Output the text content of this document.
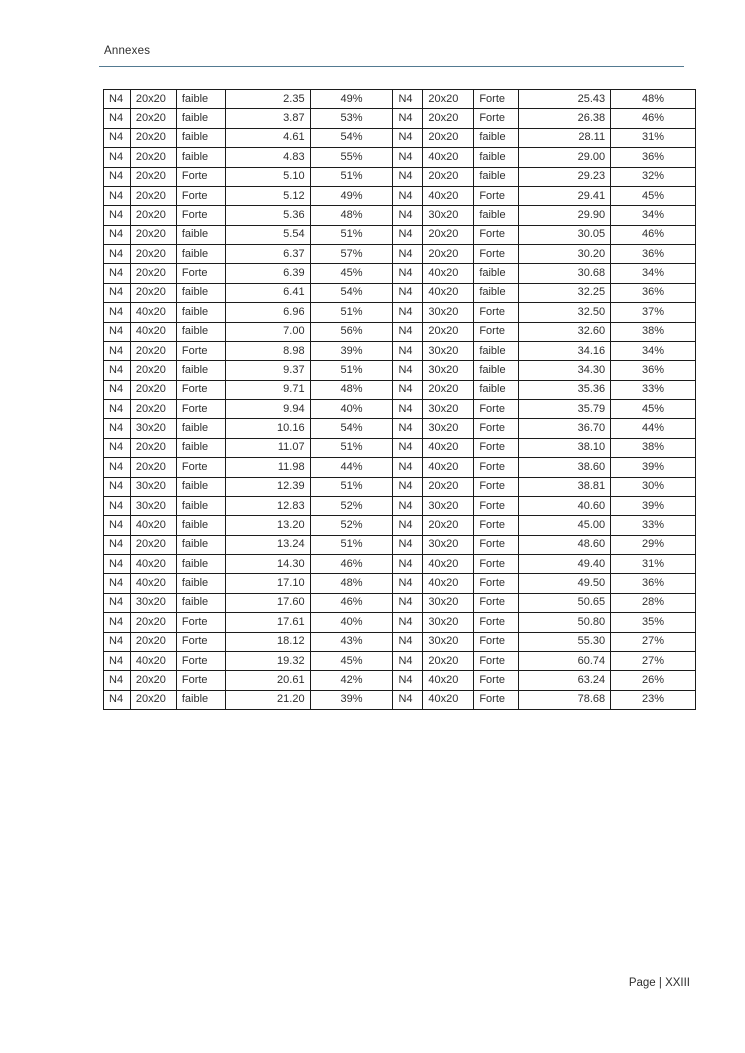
Annexes
N4	20x20	faible	2.35	49%	N4	20x20	Forte	25.43	48%
N4	20x20	faible	3.87	53%	N4	20x20	Forte	26.38	46%
N4	20x20	faible	4.61	54%	N4	20x20	faible	28.11	31%
N4	20x20	faible	4.83	55%	N4	40x20	faible	29.00	36%
N4	20x20	Forte	5.10	51%	N4	20x20	faible	29.23	32%
N4	20x20	Forte	5.12	49%	N4	40x20	Forte	29.41	45%
N4	20x20	Forte	5.36	48%	N4	30x20	faible	29.90	34%
N4	20x20	faible	5.54	51%	N4	20x20	Forte	30.05	46%
N4	20x20	faible	6.37	57%	N4	20x20	Forte	30.20	36%
N4	20x20	Forte	6.39	45%	N4	40x20	faible	30.68	34%
N4	20x20	faible	6.41	54%	N4	40x20	faible	32.25	36%
N4	40x20	faible	6.96	51%	N4	30x20	Forte	32.50	37%
N4	40x20	faible	7.00	56%	N4	20x20	Forte	32.60	38%
N4	20x20	Forte	8.98	39%	N4	30x20	faible	34.16	34%
N4	20x20	faible	9.37	51%	N4	30x20	faible	34.30	36%
N4	20x20	Forte	9.71	48%	N4	20x20	faible	35.36	33%
N4	20x20	Forte	9.94	40%	N4	30x20	Forte	35.79	45%
N4	30x20	faible	10.16	54%	N4	30x20	Forte	36.70	44%
N4	20x20	faible	11.07	51%	N4	40x20	Forte	38.10	38%
N4	20x20	Forte	11.98	44%	N4	40x20	Forte	38.60	39%
N4	30x20	faible	12.39	51%	N4	20x20	Forte	38.81	30%
N4	30x20	faible	12.83	52%	N4	30x20	Forte	40.60	39%
N4	40x20	faible	13.20	52%	N4	20x20	Forte	45.00	33%
N4	20x20	faible	13.24	51%	N4	30x20	Forte	48.60	29%
N4	40x20	faible	14.30	46%	N4	40x20	Forte	49.40	31%
N4	40x20	faible	17.10	48%	N4	40x20	Forte	49.50	36%
N4	30x20	faible	17.60	46%	N4	30x20	Forte	50.65	28%
N4	20x20	Forte	17.61	40%	N4	30x20	Forte	50.80	35%
N4	20x20	Forte	18.12	43%	N4	30x20	Forte	55.30	27%
N4	40x20	Forte	19.32	45%	N4	20x20	Forte	60.74	27%
N4	20x20	Forte	20.61	42%	N4	40x20	Forte	63.24	26%
N4	20x20	faible	21.20	39%	N4	40x20	Forte	78.68	23%
Page | XXIII
